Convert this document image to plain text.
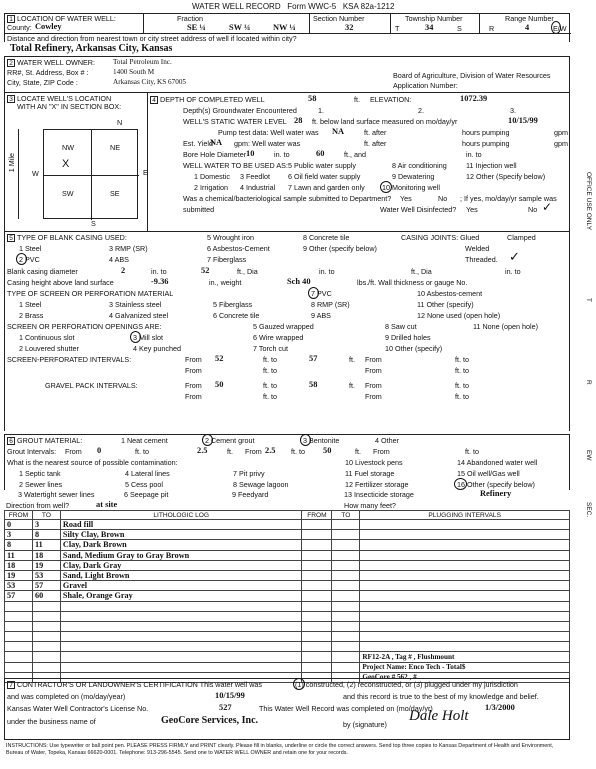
WATER WELL RECORD Form WWC-5 KSA 82a-1212
1 LOCATION OF WATER WELL:
County: Cowley
Fraction
SE ¼	SW ¼	NW ¼
Section Number
32
Township Number
T	34	S
Range Number
R	4	E/W
Distance and direction from nearest town or city street address of well if located within city?
Total Refinery, Arkansas City, Kansas
2 WATER WELL OWNER:	Total Petroleum Inc.
RR#, St. Address, Box # :	1400 South M
City, State, ZIP Code :	Arkansas City, KS 67005
Board of Agriculture, Division of Water Resources
Application Number:
3 LOCATE WELL'S LOCATION
WITH AN "X" IN SECTION BOX:
N
S
E
W
1 Mile
NW	NE
SW	SE
X
4 DEPTH OF COMPLETED WELL	58	ft. ELEVATION:	1072.39
Depth(s) Groundwater Encountered	1.	2.	3.
WELL'S STATIC WATER LEVEL 28 ft. below land surface measured on mo/day/yr	10/15/99
Pump test data: Well water was NA	ft. after	hours pumping	gpm
Est. Yield
NA gpm: Well water was	ft. after	hours pumping	gpm
Bore Hole Diameter 10	in. to	60	ft., and	in. to
WELL WATER TO BE USED AS: 5 Public water supply	8 Air conditioning	11 Injection well
1 Domestic 3 Feedlot	6 Oil field water supply	9 Dewatering	12 Other (Specify below)
2 Irrigation 4 Industrial 7 Lawn and garden only 10 Monitoring well
Was a chemical/bacteriological sample submitted to Department? Yes	No ; If yes, mo/day/yr sample was
submitted	Water Well Disinfected? Yes	No ✓
5 TYPE OF BLANK CASING USED:	5 Wrought iron	8 Concrete tile	CASING JOINTS: Glued	Clamped
1 Steel	3 RMP (SR)	6 Asbestos-Cement	9 Other (specify below)	Welded
2 PVC	4 ABS	7 Fiberglass	Threaded. ✓
Blank casing diameter	2	in. to	52	ft., Dia	in. to	ft., Dia	in. to
Casing height above land surface	-9.36	in., weight	Sch 40	lbs./ft. Wall thickness or gauge No.
TYPE OF SCREEN OR PERFORATION MATERIAL	7 PVC	10 Asbestos-cement
1 Steel	3 Stainless steel	5 Fiberglass	8 RMP (SR)	11 Other (specify)
2 Brass	4 Galvanized steel	6 Concrete tile	9 ABS	12 None used (open hole)
SCREEN OR PERFORATION OPENINGS ARE:	5 Gauzed wrapped	8 Saw cut	11 None (open hole)
1 Continuous slot	3 Mill slot	6 Wire wrapped	9 Drilled holes
2 Louvered shutter	4 Key punched	7 Torch cut	10 Other (specify)
SCREEN-PERFORATED INTERVALS:	From 52	ft. to	57	ft. From	ft. to
From	ft. to	From	ft. to
GRAVEL PACK INTERVALS:	From 50	ft. to	58	ft. From	ft. to
From	ft. to	From	ft. to
6 GROUT MATERIAL:	1 Neat cement	2 Cement grout	3 Bentonite	4 Other
Grout Intervals: From 0	ft. to	2.5	ft. From 2.5 ft. to 50	ft. From	ft. to
What is the nearest source of possible contamination:	10 Livestock pens	14 Abandoned water well
1 Septic tank	4 Lateral lines	7 Pit privy	11 Fuel storage	15 Oil well/Gas well
2 Sewer lines	5 Cess pool	8 Sewage lagoon	12 Fertilizer storage	16 Other (specify below)
3 Watertight sewer lines	6 Seepage pit	9 Feedyard	13 Insecticide storage	Refinery
Direction from well?	at site	How many feet?
FROM	TO	LITHOLOGIC LOG	FROM	TO	PLUGGING INTERVALS
0	3	Road fill			
3	8	Silty Clay, Brown			
8	11	Clay, Dark Brown			
11	18	Sand, Medium Gray to Gray Brown			
18	19	Clay, Dark Gray			
19	53	Sand, Light Brown			
53	57	Gravel			
57	60	Shale, Orange Gray			

					RF12-2A , Tag # , Flushmount
					Project Name: Enco Tech - Total$
					GeoCore # 562 , #
7 CONTRACTOR'S OR LANDOWNER'S CERTIFICATION This water well was	(1) constructed, (2) reconstructed, or (3) plugged under my jurisdiction
and was completed on (mo/day/year)	10/15/99	and this record is true to the best of my knowledge and belief.
Kansas Water Well Contractor's License No.	527	This Water Well Record was completed on (mo/day/yr)	1/3/2000
under the business name of	GeoCore Services, Inc.	by (signature)
Dale Holt
INSTRUCTIONS: Use typewriter or ball point pen. PLEASE PRESS FIRMLY and PRINT clearly. Please fill in blanks, underline or circle the correct answers. Send top three copies to Kansas Department of Health and Environment, Bureau of Water, Topeka, Kansas 66620-0001. Telephone: 913-296-5545. Send one to WATER WELL OWNER and retain one for your records.
OFFICE USE ONLY
T
R
EW
SEC.
